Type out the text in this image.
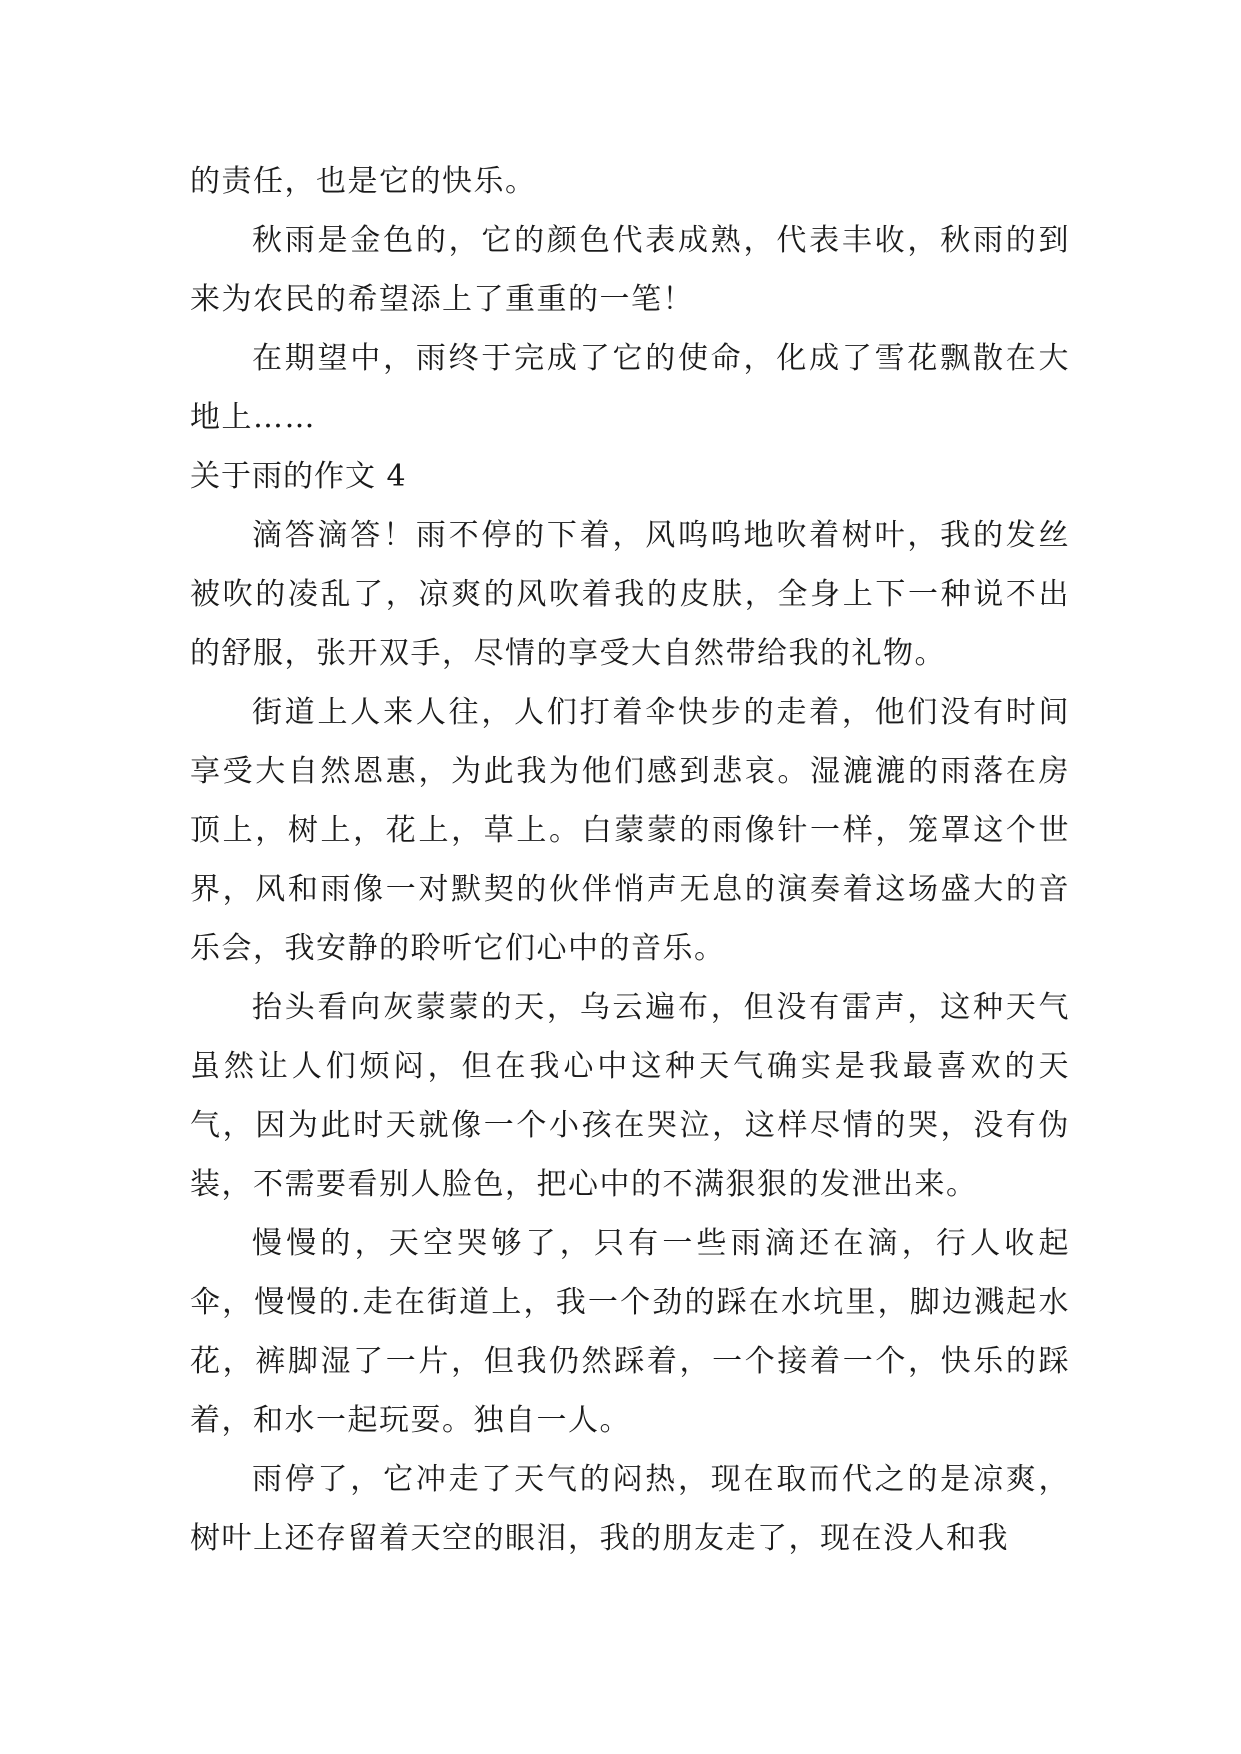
的责任，也是它的快乐。

秋雨是金色的，它的颜色代表成熟，代表丰收，秋雨的到来为农民的希望添上了重重的一笔！

在期望中，雨终于完成了它的使命，化成了雪花飘散在大地上……

关于雨的作文 4

滴答滴答！雨不停的下着，风呜呜地吹着树叶，我的发丝被吹的凌乱了，凉爽的风吹着我的皮肤，全身上下一种说不出的舒服，张开双手，尽情的享受大自然带给我的礼物。

街道上人来人往，人们打着伞快步的走着，他们没有时间享受大自然恩惠，为此我为他们感到悲哀。湿漉漉的雨落在房顶上，树上，花上，草上。白蒙蒙的雨像针一样，笼罩这个世界，风和雨像一对默契的伙伴悄声无息的演奏着这场盛大的音乐会，我安静的聆听它们心中的音乐。

抬头看向灰蒙蒙的天，乌云遍布，但没有雷声，这种天气虽然让人们烦闷，但在我心中这种天气确实是我最喜欢的天气，因为此时天就像一个小孩在哭泣，这样尽情的哭，没有伪装，不需要看别人脸色，把心中的不满狠狠的发泄出来。

慢慢的，天空哭够了，只有一些雨滴还在滴，行人收起伞，慢慢的.走在街道上，我一个劲的踩在水坑里，脚边溅起水花，裤脚湿了一片，但我仍然踩着，一个接着一个，快乐的踩着，和水一起玩耍。独自一人。

雨停了，它冲走了天气的闷热，现在取而代之的是凉爽，树叶上还存留着天空的眼泪，我的朋友走了，现在没人和我
